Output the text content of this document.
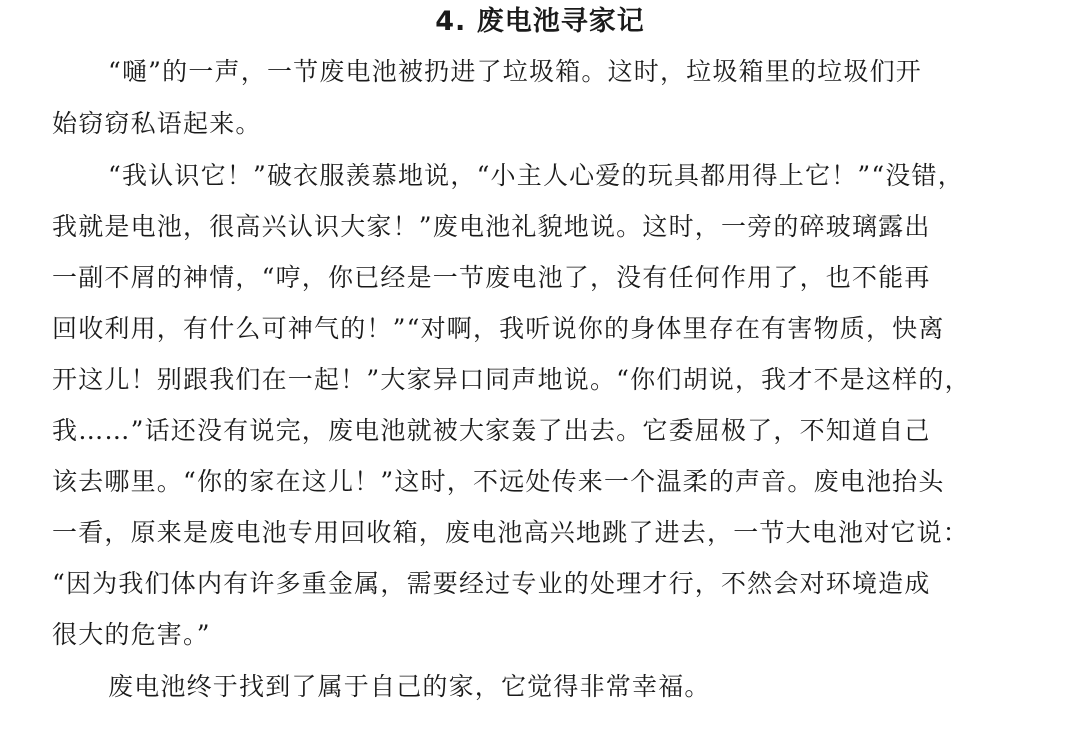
4. 废电池寻家记
“嗵”的一声，一节废电池被扔进了垃圾箱。这时，垃圾箱里的垃圾们开
始窃窃私语起来。
“我认识它！”破衣服羡慕地说，“小主人心爱的玩具都用得上它！”“没错，
我就是电池，很高兴认识大家！”废电池礼貌地说。这时，一旁的碎玻璃露出
一副不屑的神情，“哼，你已经是一节废电池了，没有任何作用了，也不能再
回收利用，有什么可神气的！”“对啊，我听说你的身体里存在有害物质，快离
开这儿！别跟我们在一起！”大家异口同声地说。“你们胡说，我才不是这样的，
我……”话还没有说完，废电池就被大家轰了出去。它委屈极了，不知道自己
该去哪里。“你的家在这儿！”这时，不远处传来一个温柔的声音。废电池抬头
一看，原来是废电池专用回收箱，废电池高兴地跳了进去，一节大电池对它说：
“因为我们体内有许多重金属，需要经过专业的处理才行，不然会对环境造成
很大的危害。”
废电池终于找到了属于自己的家，它觉得非常幸福。
